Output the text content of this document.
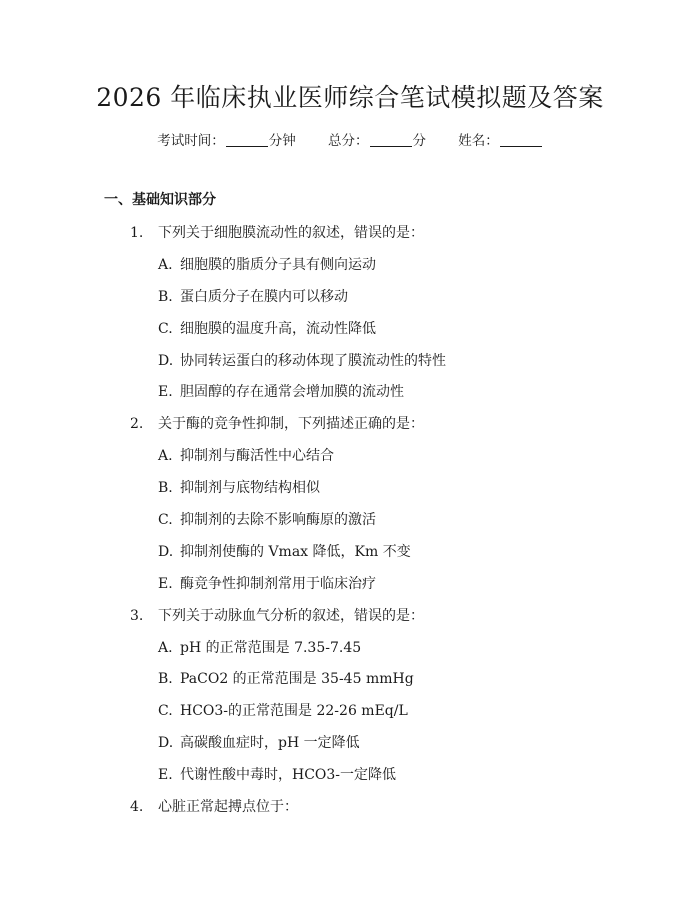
2026 年临床执业医师综合笔试模拟题及答案
考试时间：	分钟 总分：	分 姓名：
一、基础知识部分
1. 下列关于细胞膜流动性的叙述，错误的是：
A. 细胞膜的脂质分子具有侧向运动
B. 蛋白质分子在膜内可以移动
C. 细胞膜的温度升高，流动性降低
D. 协同转运蛋白的移动体现了膜流动性的特性
E. 胆固醇的存在通常会增加膜的流动性
2. 关于酶的竞争性抑制，下列描述正确的是：
A. 抑制剂与酶活性中心结合
B. 抑制剂与底物结构相似
C. 抑制剂的去除不影响酶原的激活
D. 抑制剂使酶的 Vmax 降低，Km 不变
E. 酶竞争性抑制剂常用于临床治疗
3. 下列关于动脉血气分析的叙述，错误的是：
A. pH 的正常范围是 7.35-7.45
B. PaCO2 的正常范围是 35-45 mmHg
C. HCO3-的正常范围是 22-26 mEq/L
D. 高碳酸血症时，pH 一定降低
E. 代谢性酸中毒时，HCO3-一定降低
4. 心脏正常起搏点位于：
